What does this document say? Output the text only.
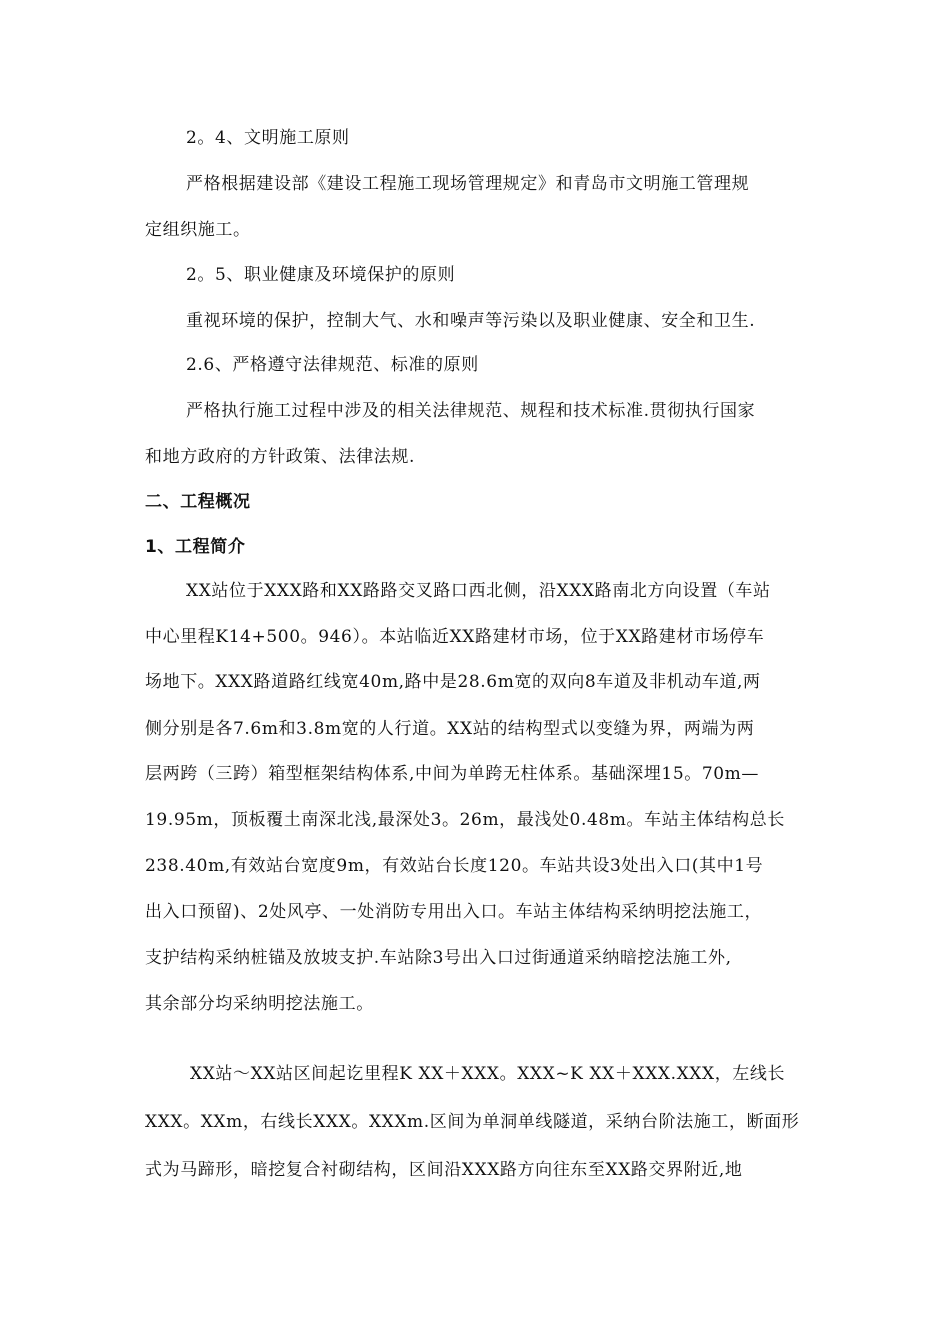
2。4、文明施工原则
严格根据建设部《建设工程施工现场管理规定》和青岛市文明施工管理规
定组织施工。
2。5、职业健康及环境保护的原则
重视环境的保护，控制大气、水和噪声等污染以及职业健康、安全和卫生.
2.6、严格遵守法律规范、标准的原则
严格执行施工过程中涉及的相关法律规范、规程和技术标准.贯彻执行国家
和地方政府的方针政策、法律法规.
二、工程概况
1、工程简介
XX站位于XXX路和XX路路交叉路口西北侧，沿XXX路南北方向设置（车站
中心里程K14+500。946）。本站临近XX路建材市场，位于XX路建材市场停车
场地下。XXX路道路红线宽40m,路中是28.6m宽的双向8车道及非机动车道,两
侧分别是各7.6m和3.8m宽的人行道。XX站的结构型式以变缝为界，两端为两
层两跨（三跨）箱型框架结构体系,中间为单跨无柱体系。基础深埋15。70m—
19.95m，顶板覆土南深北浅,最深处3。26m，最浅处0.48m。车站主体结构总长
238.40m,有效站台宽度9m，有效站台长度120。车站共设3处出入口(其中1号
出入口预留)、2处风亭、一处消防专用出入口。车站主体结构采纳明挖法施工，
支护结构采纳桩锚及放坡支护.车站除3号出入口过街通道采纳暗挖法施工外,
其余部分均采纳明挖法施工。
XX站～XX站区间起讫里程K XX＋XXX。XXX~K XX＋XXX.XXX，左线长
XXX。XXm，右线长XXX。XXXm.区间为单洞单线隧道，采纳台阶法施工，断面形
式为马蹄形，暗挖复合衬砌结构，区间沿XXX路方向往东至XX路交界附近,地
